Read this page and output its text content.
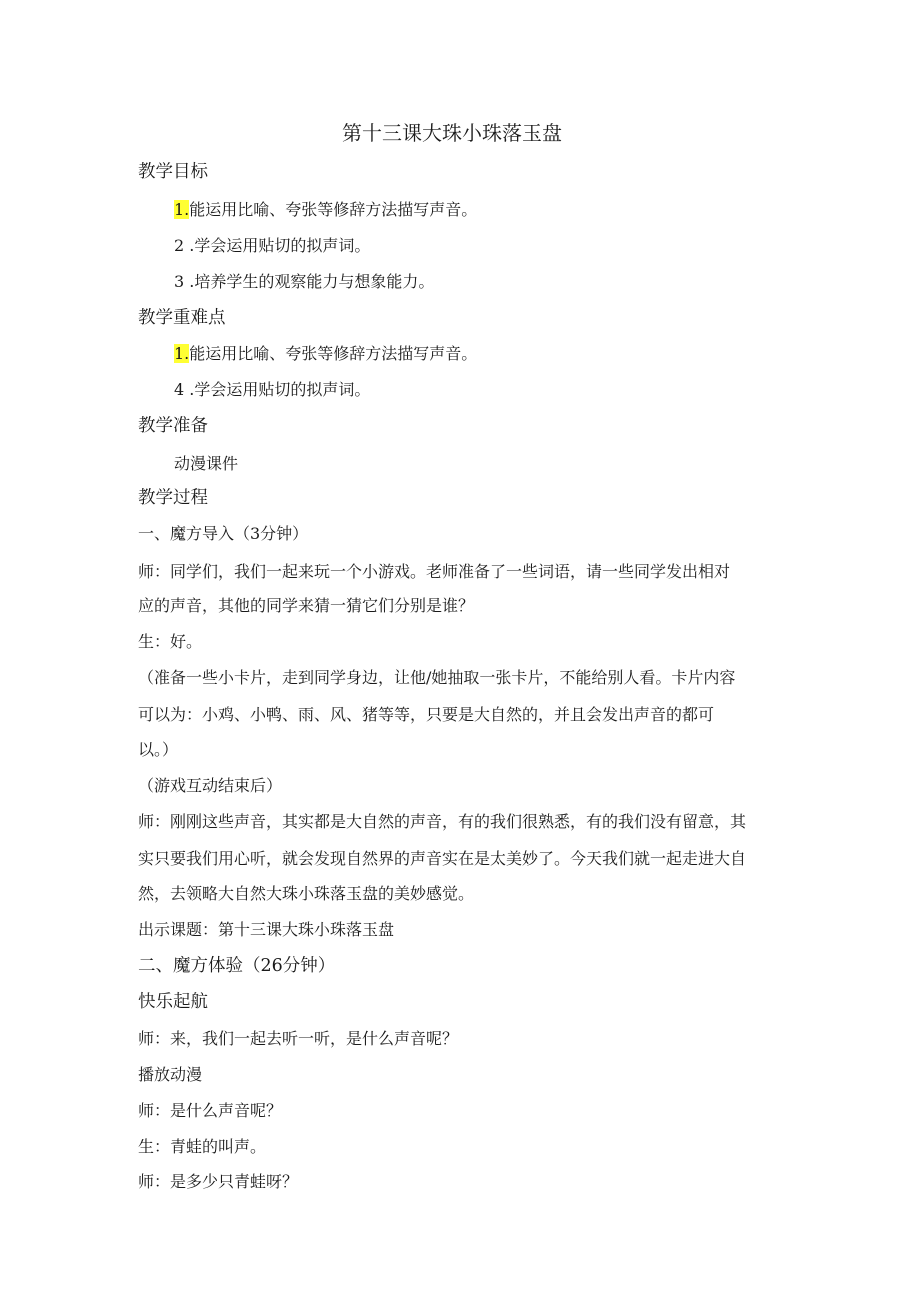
第十三课大珠小珠落玉盘
教学目标
1.能运用比喻、夸张等修辞方法描写声音。
2 .学会运用贴切的拟声词。
3 .培养学生的观察能力与想象能力。
教学重难点
1.能运用比喻、夸张等修辞方法描写声音。
4 .学会运用贴切的拟声词。
教学准备
动漫课件
教学过程
一、魔方导入（3分钟）
师：同学们，我们一起来玩一个小游戏。老师准备了一些词语，请一些同学发出相对
应的声音，其他的同学来猜一猜它们分别是谁？
生：好。
（准备一些小卡片，走到同学身边，让他/她抽取一张卡片，不能给别人看。卡片内容
可以为：小鸡、小鸭、雨、风、猪等等，只要是大自然的，并且会发出声音的都可
以。）
（游戏互动结束后）
师：刚刚这些声音，其实都是大自然的声音，有的我们很熟悉，有的我们没有留意，其
实只要我们用心听，就会发现自然界的声音实在是太美妙了。今天我们就一起走进大自
然，去领略大自然大珠小珠落玉盘的美妙感觉。
出示课题：第十三课大珠小珠落玉盘
二、魔方体验（26分钟）
快乐起航
师：来，我们一起去听一听，是什么声音呢？
播放动漫
师：是什么声音呢？
生：青蛙的叫声。
师：是多少只青蛙呀？
